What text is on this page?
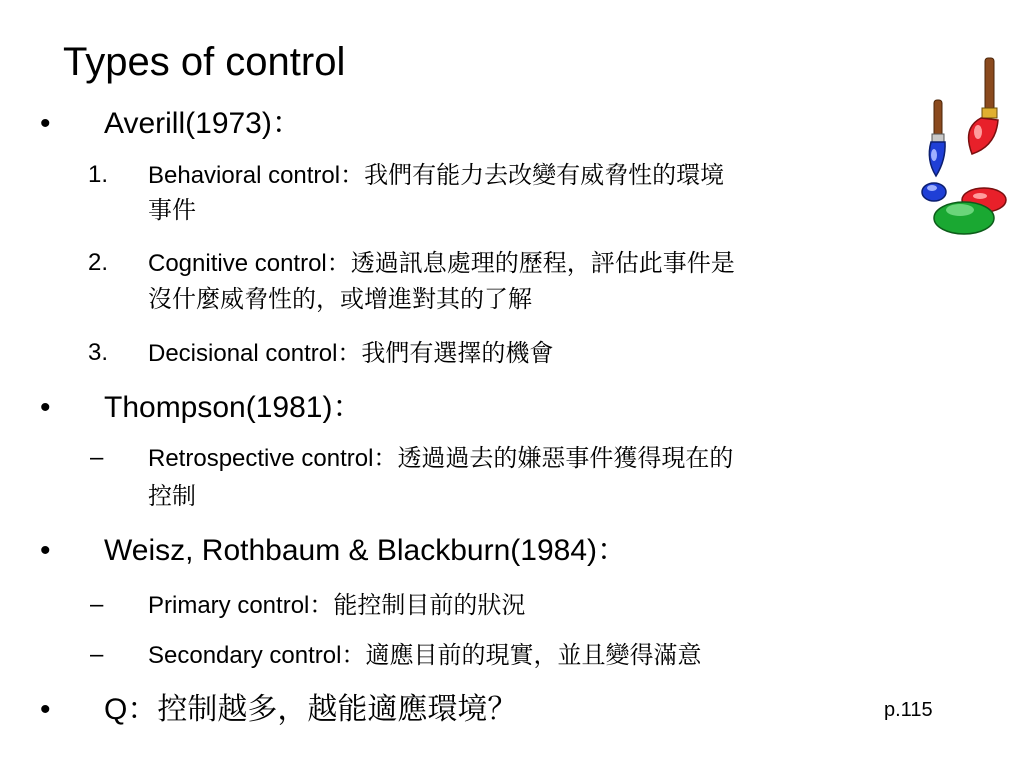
Types of control
• Averill(1973)：
1. Behavioral control：我們有能力去改變有威脅性的環境
事件
2. Cognitive control：透過訊息處理的歷程，評估此事件是
沒什麼威脅性的，或增進對其的了解
3. Decisional control：我們有選擇的機會
• Thompson(1981)：
– Retrospective control：透過過去的嫌惡事件獲得現在的
控制
• Weisz, Rothbaum & Blackburn(1984)：
– Primary control：能控制目前的狀況
– Secondary control：適應目前的現實，並且變得滿意
• Q：控制越多，越能適應環境？	p.115
